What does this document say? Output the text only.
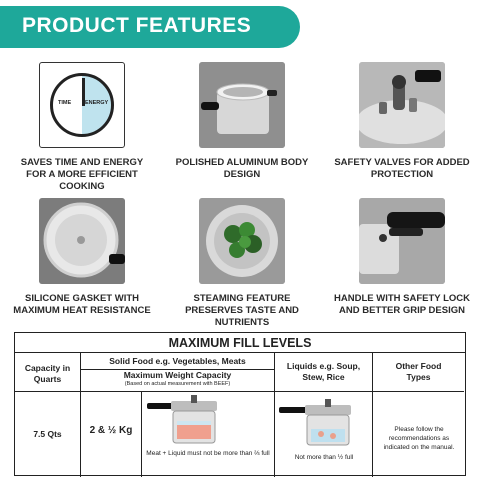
PRODUCT FEATURES
TIME	ENERGY
SAVES TIME AND ENERGY FOR A MORE EFFICIENT COOKING
POLISHED ALUMINUM BODY DESIGN
SAFETY VALVES FOR ADDED PROTECTION
SILICONE GASKET WITH MAXIMUM HEAT RESISTANCE
STEAMING FEATURE PRESERVES TASTE AND NUTRIENTS
HANDLE WITH SAFETY LOCK AND BETTER GRIP DESIGN
MAXIMUM FILL LEVELS
Capacity in Quarts
7.5 Qts
Solid Food e.g. Vegetables, Meats
Maximum Weight Capacity
(Based on actual measurement with BEEF)
2 & ½ Kg
Meat + Liquid must not be more than ⅔ full
Liquids e.g. Soup, Stew, Rice
Not more than ½ full
Other Food Types
Please follow the recommendations as indicated on the manual.
